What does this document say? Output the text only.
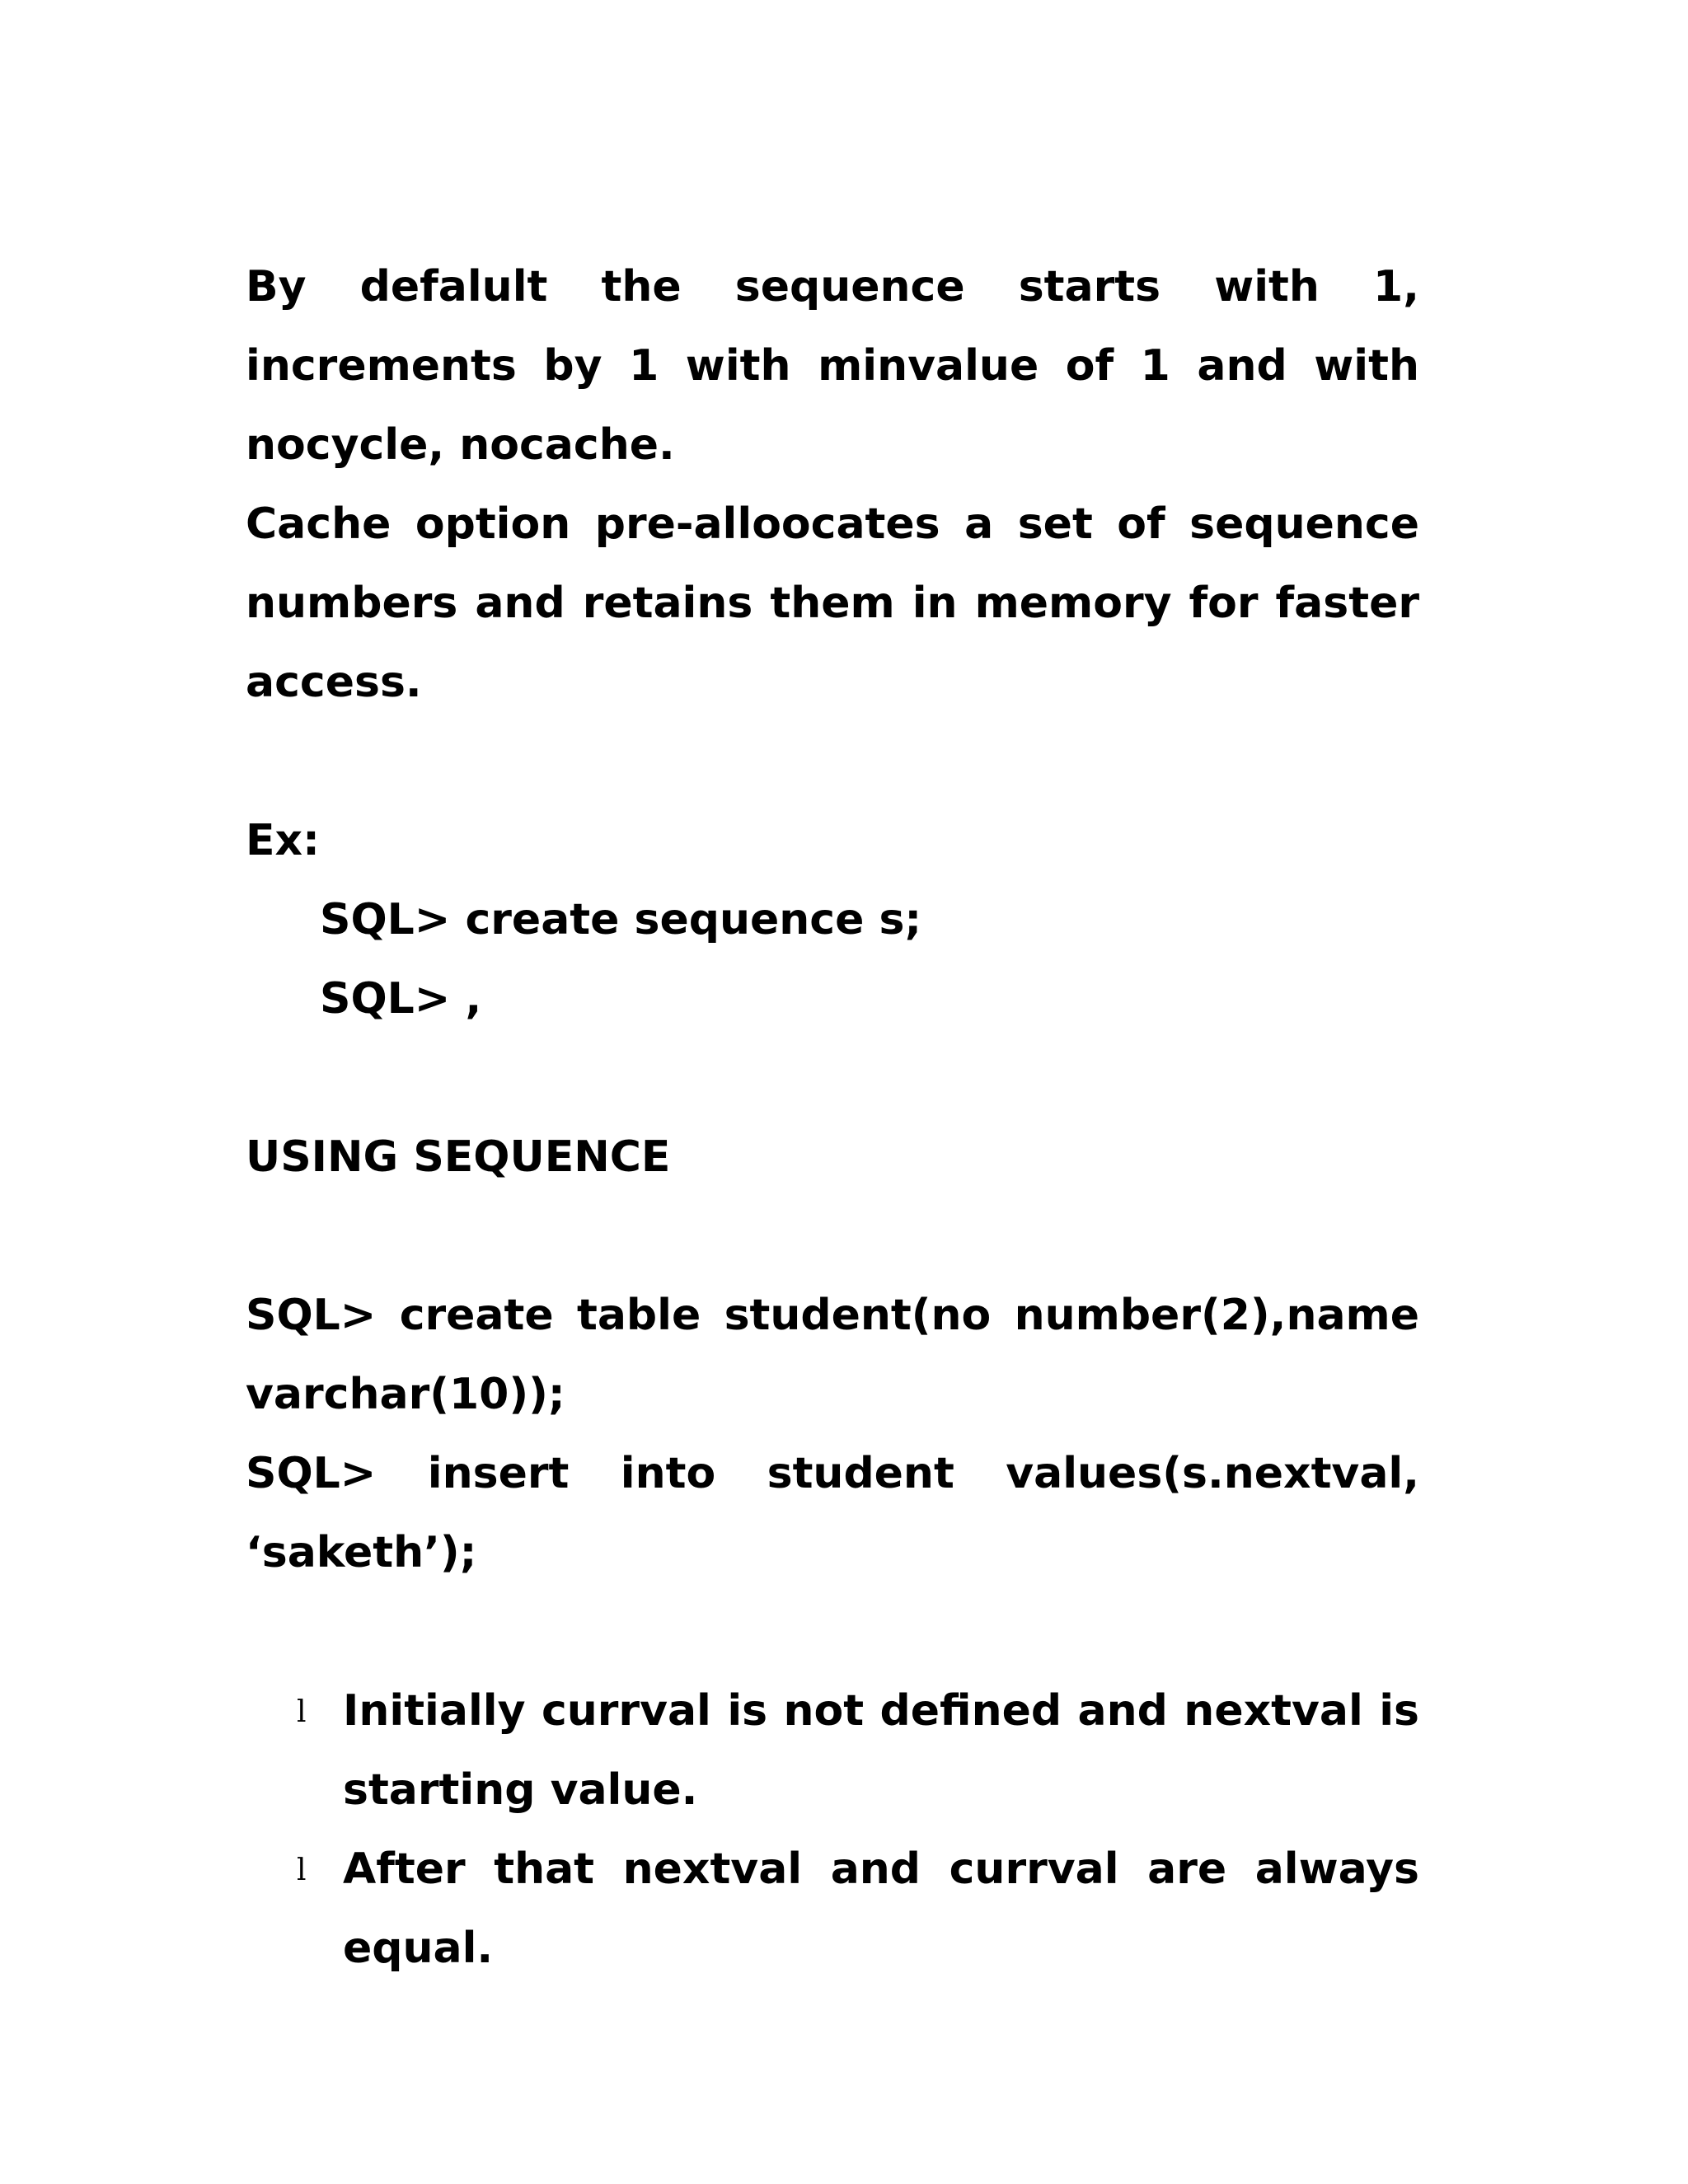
By defalult the sequence starts with 1, increments by 1 with minvalue of 1 and with nocycle, nocache.

Cache option pre-alloocates a set of sequence numbers and retains them in memory for faster access.

Ex:

SQL> create sequence s;

SQL> ,

USING SEQUENCE

SQL> create table student(no number(2),name varchar(10));

SQL> insert into student values(s.nextval, ‘saketh’);

l Initially currval is not defined and nextval is starting value.
l After that nextval and currval are always equal.
